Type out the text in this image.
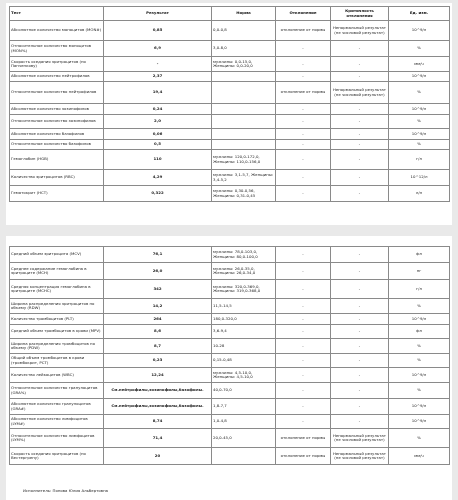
Тест	Результат	Норма	Отклонение	Критичность отклонения	Ед. изм.
Абсолютное количество моноцитов (MON#)	0,85	0,0-0,8	отклонение от нормы	Ненормальный результат (не числовой результат)	10^9/л
Относительное количество моноцитов (MON%)	6,9	3,0-8,0	-	-	%
Скорость оседания эритроцитов (по Панченкову)	-	мужчины: 0,0-15,0, Женщины: 0,0-20,0	-	-	мм/ч
Абсолютное количество нейтрофилов	2,37		-	-	10^9/л
Относительное количество нейтрофилов	19,4		отклонение от нормы	Ненормальный результат (не числовой результат)	%
Абсолютное количество эозинофилов	0,24		-	-	10^9/л
Относительное количество эозинофилов	2,0		-	-	%
Абсолютное количество базофилов	0,06		-	-	10^9/л
Относительное количество базофилов	0,5		-	-	%
Гемоглобин (HGB)	110	мужчины: 120,0-172,0, Женщины: 110,0-156,0	-	-	г/л
Количество эритроцитов (RBC)	4,29	мужчины: 3,1-5,7, Женщины: 3,4-5,2	-	-	10^12/л
Гематокрит (HCT)	0,322	мужчины: 0,30-0,56, Женщины: 0,31-0,45	-	-	л/л
Средний объем эритроцита (MCV)	76,1	мужчины: 78,0-103,0, Женщины: 80,0-100,0	-	-	фл
Среднее содержание гемоглобина в эритроците (MCH)	26,0	мужчины: 26,0-35,0, Женщины: 26,0-34,0	-	-	пг
Средняя концентрация гемоглобина в эритроците (MCHC)	342	мужчины: 320,0-369,0, Женщины: 319,0-368,0	-	-	г/л
Ширина распределения эритроцитов по объему (RDW)	14,2	11,5-14,5	-	-	%
Количество тромбоцитов (PLT)	264	180,0-320,0	-	-	10^9/л
Средний объем тромбоцитов в крови (MPV)	8,6	3,6-9,4	-	-	фл
Ширина распределения тромбоцитов по объему (PDW)	8,7	10-28	-	-	%
Общий объем тромбоцитов в крови (тромбокрит, PCT)	0,23	0,15-0,48	-	-	%
Количество лейкоцитов (WBC)	12,24	мужчины: 4,5-10,0, Женщины: 4,5-10,0	-	-	10^9/л
Относительное количество гранулоцитов (GRA%)	См.нейтрофилы,эозинофилы,базофилы.	40,0-70,0	-	-	%
Абсолютное количество гранулоцитов (GRA#)	См.нейтрофилы,эозинофилы,базофилы.	1,8-7,7	-	-	10^9/л
Абсолютное количество лимфоцитов (LYM#)	8,74	1,0-4,8	-	-	10^9/л
Относительное количество лимфоцитов (LYM%)	71,4	20,0-45,0	отклонение от нормы	Ненормальный результат (не числовой результат)	%
Скорость оседания эритроцитов (по Вестергрену)	20		отклонение от нормы	Ненормальный результат (не числовой результат)	мм/ч
Исполнитель: Попова Юлия Альбертовна
